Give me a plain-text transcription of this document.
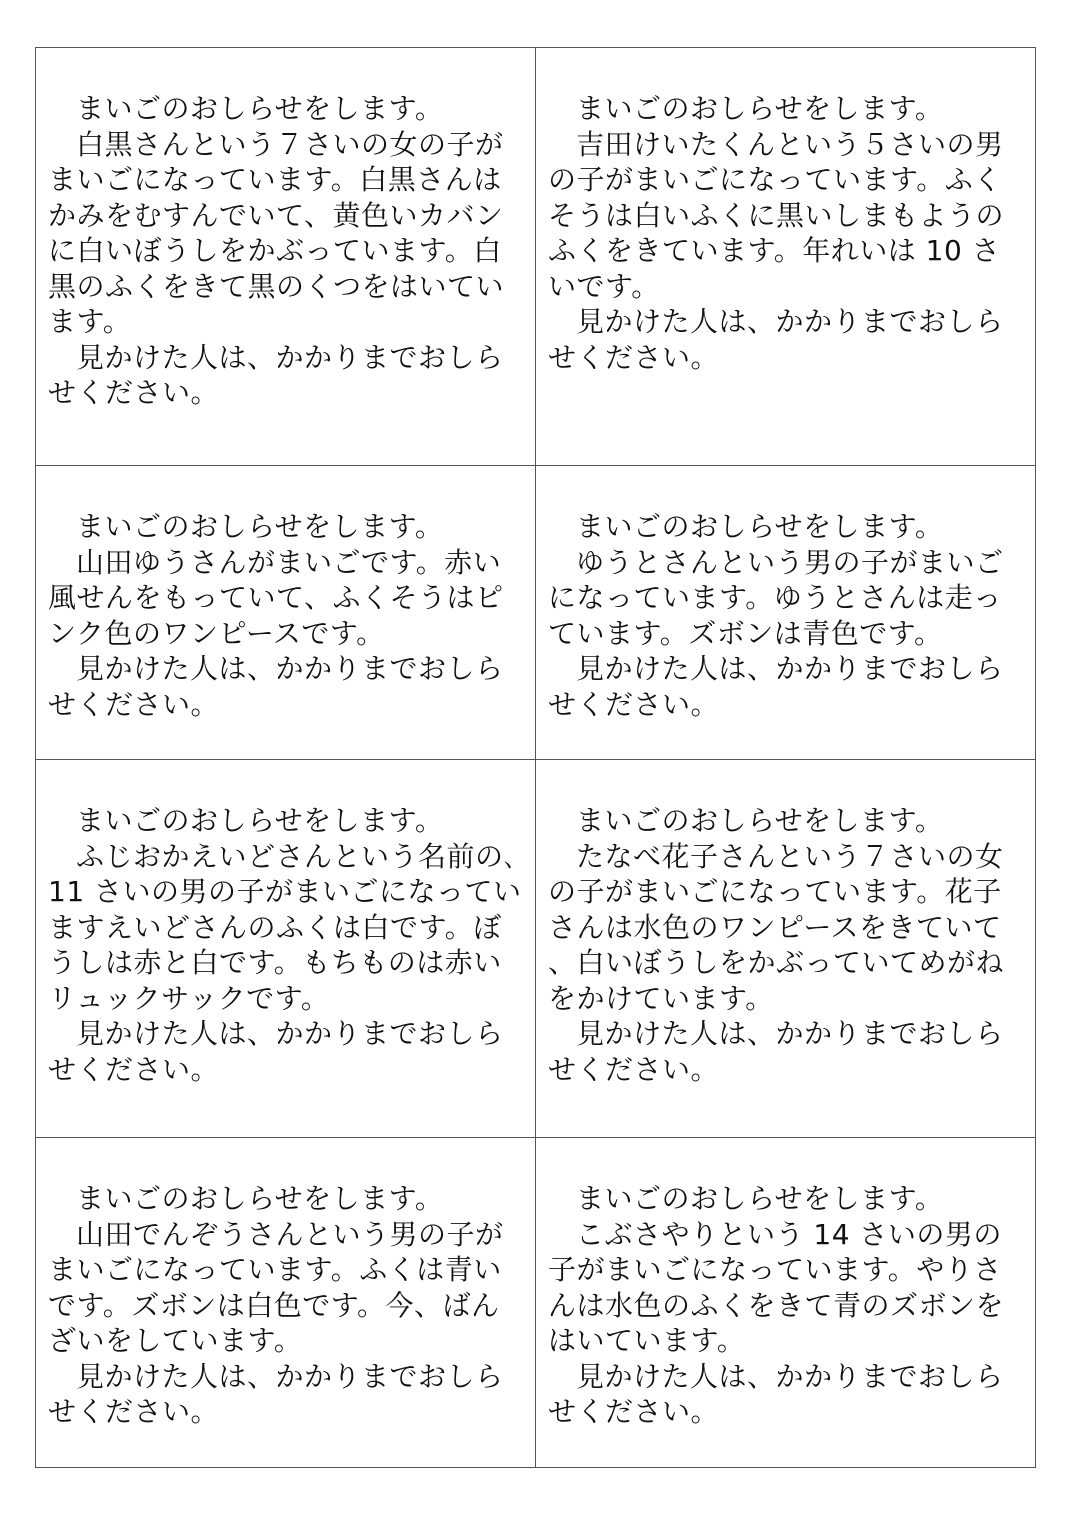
まいごのおしらせをします。

白黒さんという７さいの女の子がまいごになっています。白黒さんはかみをむすんでいて、黄色いカバンに白いぼうしをかぶっています。白黒のふくをきて黒のくつをはいています。

見かけた人は、かかりまでおしらせください。

まいごのおしらせをします。

吉田けいたくんという５さいの男の子がまいごになっています。ふくそうは白いふくに黒いしまもようのふくをきています。年れいは 10 さいです。

見かけた人は、かかりまでおしらせください。

まいごのおしらせをします。

山田ゆうさんがまいごです。赤い風せんをもっていて、ふくそうはピンク色のワンピースです。

見かけた人は、かかりまでおしらせください。

まいごのおしらせをします。

ゆうとさんという男の子がまいごになっています。ゆうとさんは走っています。ズボンは青色です。

見かけた人は、かかりまでおしらせください。

まいごのおしらせをします。

ふじおかえいどさんという名前の､11 さいの男の子がまいごになっていますえいどさんのふくは白です。ぼうしは赤と白です。もちものは赤いリュックサックです。

見かけた人は、かかりまでおしらせください。

まいごのおしらせをします。

たなべ花子さんという７さいの女の子がまいごになっています。花子さんは水色のワンピースをきていて、白いぼうしをかぶっていてめがねをかけています。

見かけた人は、かかりまでおしらせください。

まいごのおしらせをします。

山田でんぞうさんという男の子がまいごになっています。ふくは青いです。ズボンは白色です。今、ばんざいをしています。

見かけた人は、かかりまでおしらせください。

まいごのおしらせをします。

こぶさやりという 14 さいの男の子がまいごになっています。やりさんは水色のふくをきて青のズボンをはいています。

見かけた人は、かかりまでおしらせください。
